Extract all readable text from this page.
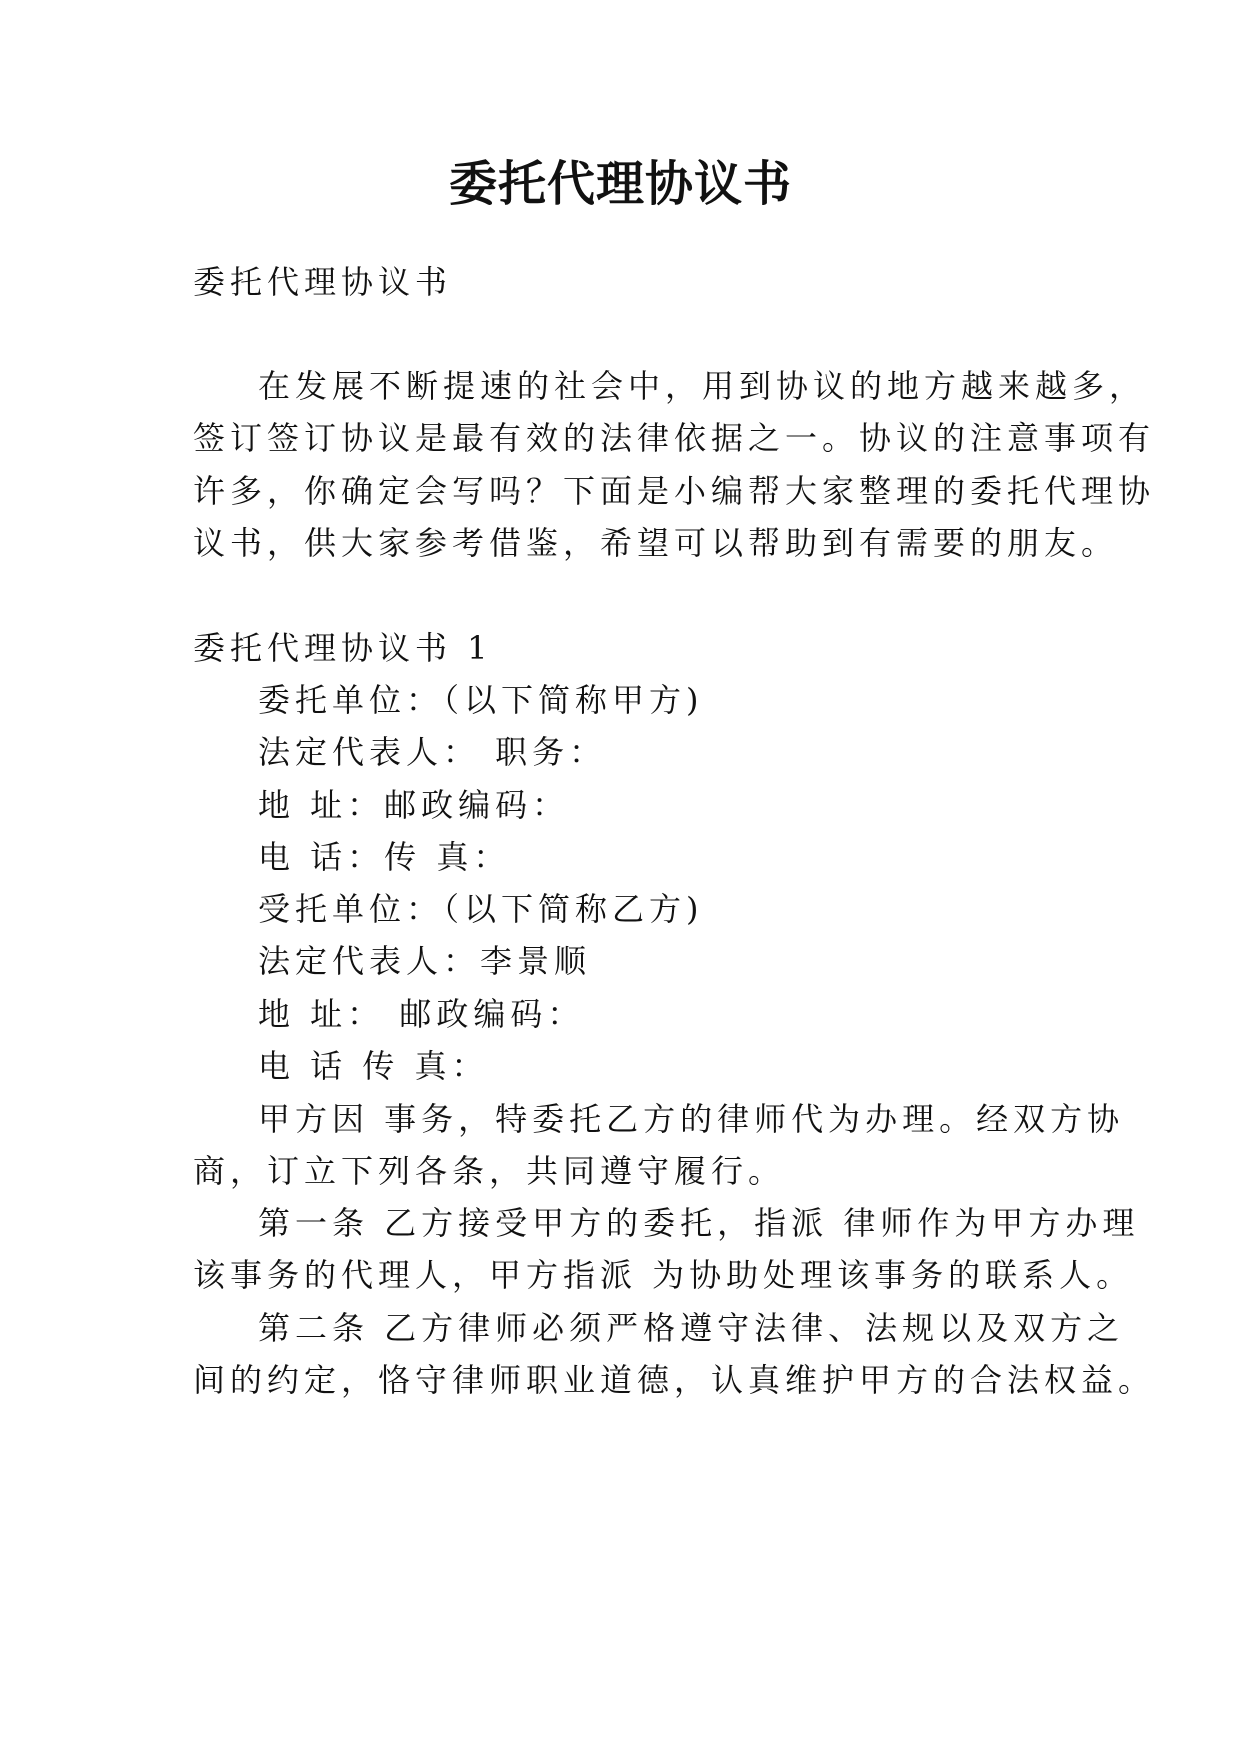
委托代理协议书
委托代理协议书
在发展不断提速的社会中，用到协议的地方越来越多，
签订签订协议是最有效的法律依据之一。协议的注意事项有
许多，你确定会写吗？下面是小编帮大家整理的委托代理协
议书，供大家参考借鉴，希望可以帮助到有需要的朋友。
委托代理协议书 1
委托单位：（以下简称甲方)
法定代表人： 职务：
地 址：邮政编码：
电 话：传 真：
受托单位：（以下简称乙方)
法定代表人：李景顺
地 址： 邮政编码：
电 话 传 真：
甲方因 事务，特委托乙方的律师代为办理。经双方协
商，订立下列各条，共同遵守履行。
第一条 乙方接受甲方的委托，指派 律师作为甲方办理
该事务的代理人，甲方指派 为协助处理该事务的联系人。
第二条 乙方律师必须严格遵守法律、法规以及双方之
间的约定，恪守律师职业道德，认真维护甲方的合法权益。
